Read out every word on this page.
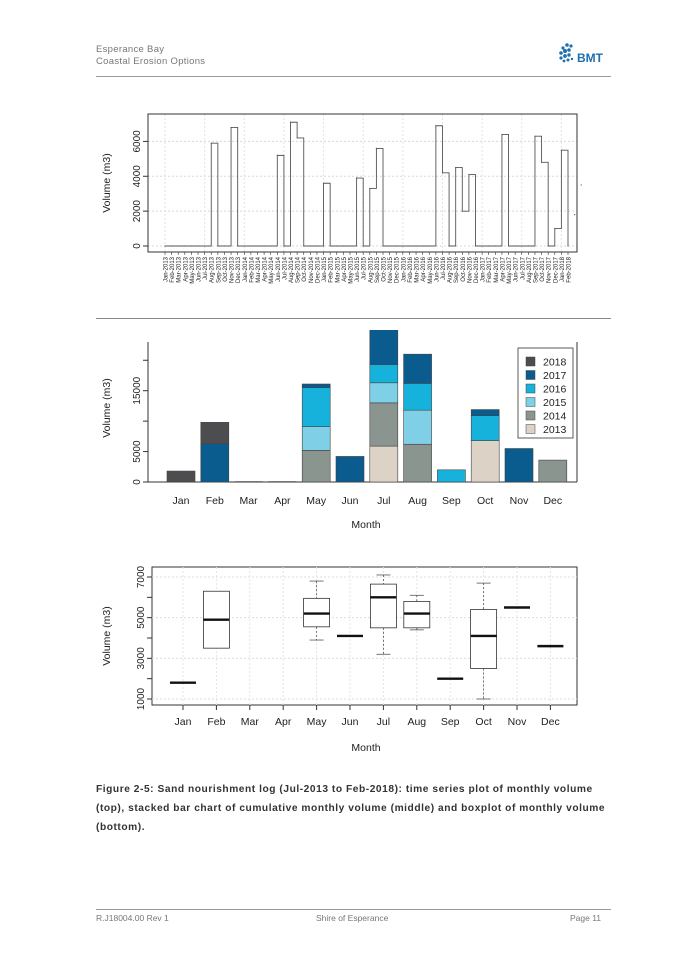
Esperance Bay
Coastal Erosion Options	BMT
0
2000
4000
6000
Volume (m3)
Jan-2013 Feb-2013 Mar-2013 Apr-2013 May-2013 Jun-2013 Jul-2013 Aug-2013 Sep-2013 Oct-2013 Nov-2013 Dec-2013 Jan-2014 Feb-2014 Mar-2014 Apr-2014 May-2014 Jun-2014 Jul-2014 Aug-2014 Sep-2014 Oct-2014 Nov-2014 Dec-2014 Jan-2015 Feb-2015 Mar-2015 Apr-2015 May-2015 Jun-2015 Jul-2015 Aug-2015 Sep-2015 Oct-2015 Nov-2015 Dec-2015 Jan-2016 Feb-2016 Mar-2016 Apr-2016 May-2016 Jun-2016 Jul-2016 Aug-2016 Sep-2016 Oct-2016 Nov-2016 Dec-2016 Jan-2017 Feb-2017 Mar-2017 Apr-2017 May-2017 Jun-2017 Jul-2017 Aug-2017 Sep-2017 Oct-2017 Nov-2017 Dec-2017 Jan-2018 Feb-2018
0
5000
15000
Volume (m3)
Jan Feb Mar Apr May Jun Jul Aug Sep Oct Nov Dec
Month
2018
2017
2016
2015
2014
2013
1000
3000
5000
7000
Volume (m3)
Jan Feb Mar Apr May Jun Jul Aug Sep Oct Nov Dec
Month
Figure 2-5: Sand nourishment log (Jul-2013 to Feb-2018): time series plot of monthly volume (top), stacked bar chart of cumulative monthly volume (middle) and boxplot of monthly volume (bottom).
R.J18004.00 Rev 1	Shire of Esperance	Page 11
